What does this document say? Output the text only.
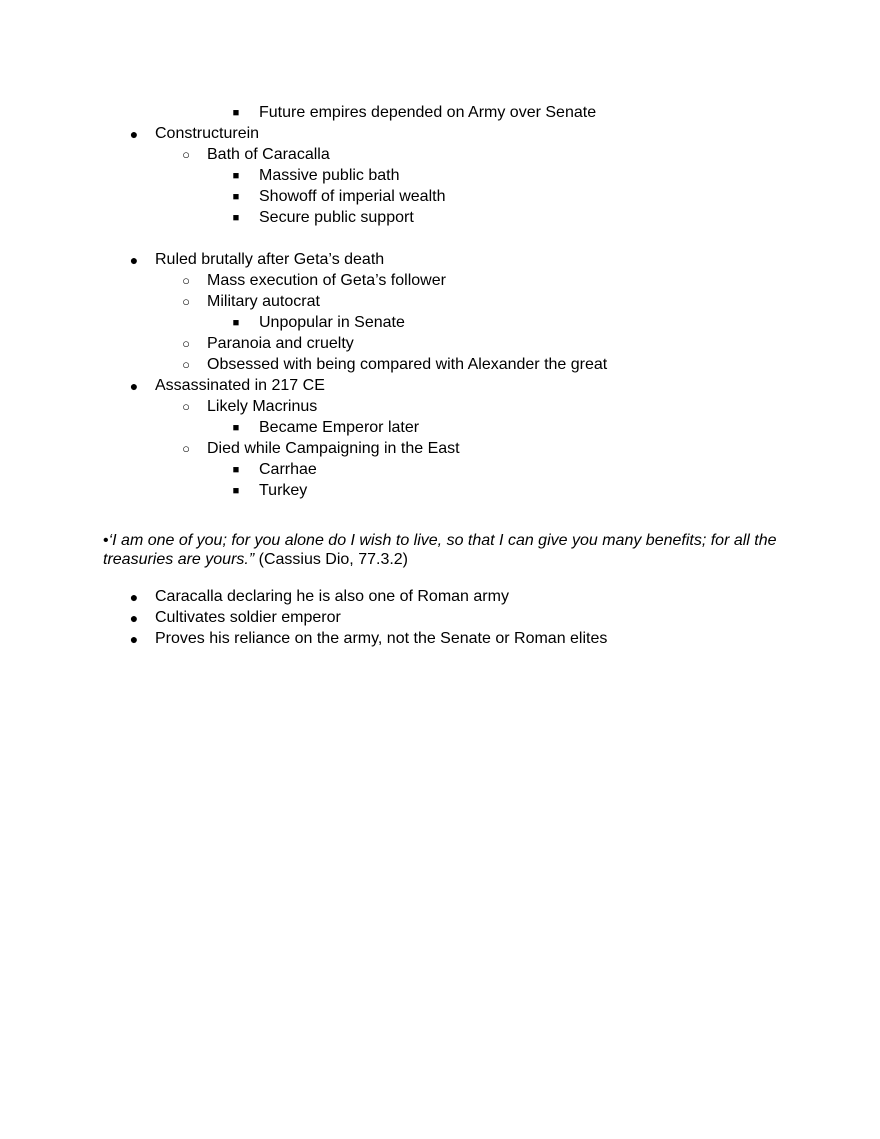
■	Future empires depended on Army over Senate
●	Constructurein
○	Bath of Caracalla
■	Massive public bath
■	Showoff of imperial wealth
■	Secure public support
●	Ruled brutally after Geta’s death
○	Mass execution of Geta’s follower
○	Military autocrat
■	Unpopular in Senate
○	Paranoia and cruelty
○	Obsessed with being compared with Alexander the great
●	Assassinated in 217 CE
○	Likely Macrinus
■	Became Emperor later
○	Died while Campaigning in the East
■	Carrhae
■	Turkey
•‘I am one of you; for you alone do I wish to live, so that I can give you many benefits; for all the treasuries are yours.” (Cassius Dio, 77.3.2)
●	Caracalla declaring he is also one of Roman army
●	Cultivates soldier emperor
●	Proves his reliance on the army, not the Senate or Roman elites
